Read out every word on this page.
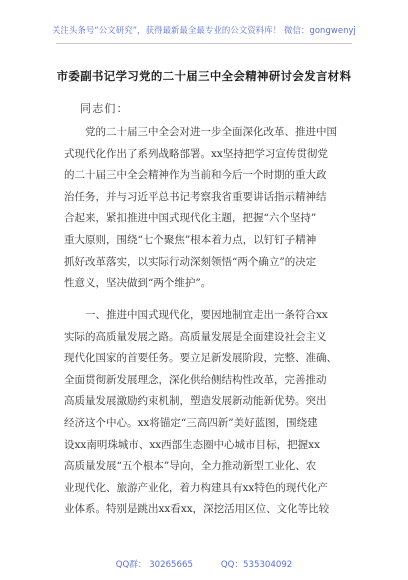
关注头条号“公文研究”，获得最新最全最专业的公文资料库！ 微信：gongwenyj
市委副书记学习党的二十届三中全会精神研讨会发言材料
同志们：
党的二十届三中全会对进一步全面深化改革、推进中国
式现代化作出了系列战略部署。xx坚持把学习宣传贯彻党
的二十届三中全会精神作为当前和今后一个时期的重大政
治任务，并与习近平总书记考察我省重要讲话指示精神结
合起来，紧扣推进中国式现代化主题，把握“六个坚持”
重大原则，围绕“七个聚焦”根本着力点，以钉钉子精神
抓好改革落实，以实际行动深刻领悟“两个确立”的决定
性意义，坚决做到“两个维护”。
一、推进中国式现代化，要因地制宜走出一条符合xx
实际的高质量发展之路。高质量发展是全面建设社会主义
现代化国家的首要任务。要立足新发展阶段，完整、准确、
全面贯彻新发展理念，深化供给侧结构性改革，完善推动
高质量发展激励约束机制，塑造发展新动能新优势。突出
经济这个中心。xx将锚定“三高四新”美好蓝图，围绕建
设xx南明珠城市、xx西部生态圈中心城市目标，把握xx
高质量发展“五个根本”导向，全力推动新型工业化、农
业现代化、旅游产业化，着力构建具有xx特色的现代化产
业体系。特别是跳出xx看xx，深挖活用区位、文化等比较
QQ群： 30265665	QQ：535304092
